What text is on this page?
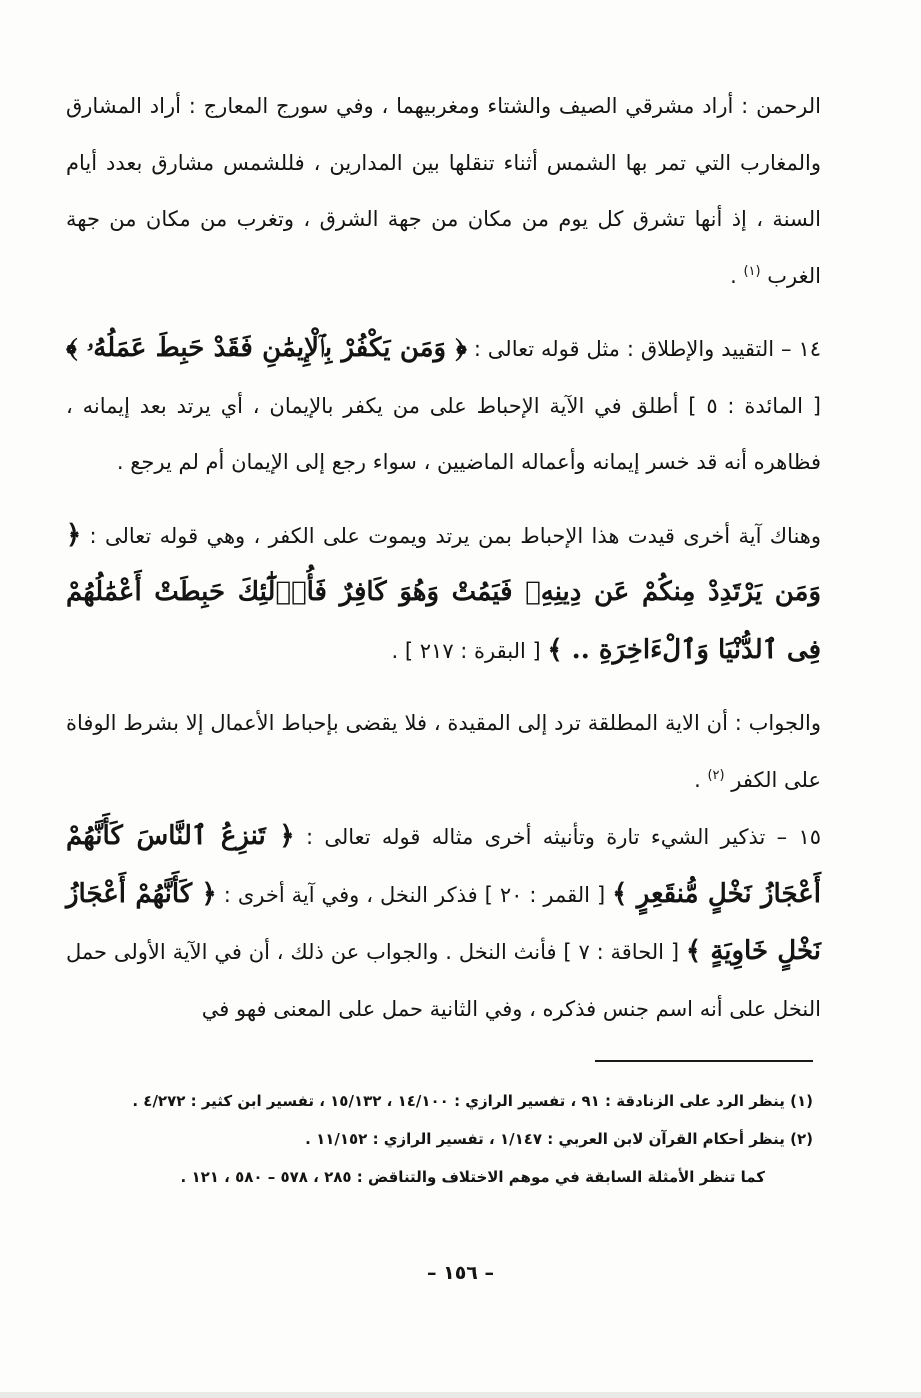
الرحمن : أراد مشرقي الصيف والشتاء ومغربيهما ، وفي سورج المعارج : أراد المشارق والمغارب التي تمر بها الشمس أثناء تنقلها بين المدارين ، فللشمس مشارق بعدد أيام السنة ، إذ أنها تشرق كل يوم من مكان من جهة الشرق ، وتغرب من مكان من جهة الغرب $^{(١)}$ .

١٤ – التقييد والإطلاق : مثل قوله تعالى : ﴿ وَمَن يَكْفُرْ بِٱلْإِيمَٰنِ فَقَدْ حَبِطَ عَمَلُهُۥ ﴾ [ المائدة : ٥ ] أطلق في الآية الإحباط على من يكفر بالإيمان ، أي يرتد بعد إيمانه ، فظاهره أنه قد خسر إيمانه وأعماله الماضيين ، سواء رجع إلى الإيمان أم لم يرجع .

وهناك آية أخرى قيدت هذا الإحباط بمن يرتد ويموت على الكفر ، وهي قوله تعالى : ﴿ وَمَن يَرْتَدِدْ مِنكُمْ عَن دِينِهِۦ فَيَمُتْ وَهُوَ كَافِرٌ فَأُو۟لَٰٓئِكَ حَبِطَتْ أَعْمَٰلُهُمْ فِى ٱلدُّنْيَا وَٱلْءَاخِرَةِ .. ﴾ [ البقرة : ٢١٧ ] .

والجواب : أن الاية المطلقة ترد إلى المقيدة ، فلا يقضى بإحباط الأعمال إلا بشرط الوفاة على الكفر $^{(٢)}$ .

١٥ – تذكير الشيء تارة وتأنيثه أخرى مثاله قوله تعالى : ﴿ تَنزِعُ ٱلنَّاسَ كَأَنَّهُمْ أَعْجَازُ نَخْلٍ مُّنقَعِرٍ ﴾ [ القمر : ٢٠ ] فذكر النخل ، وفي آية أخرى : ﴿ كَأَنَّهُمْ أَعْجَازُ نَخْلٍ خَاوِيَةٍ ﴾ [ الحاقة : ٧ ] فأنث النخل . والجواب عن ذلك ، أن في الآية الأولى حمل النخل على أنه اسم جنس فذكره ، وفي الثانية حمل على المعنى فهو في

(١) ينظر الرد على الزنادقة : ٩١ ، تفسير الرازي : ١٤/١٠٠ ، ١٥/١٣٢ ، تفسير ابن كثير : ٤/٢٧٢ .
(٢) ينظر أحكام القرآن لابن العربي : ١/١٤٧ ، تفسير الرازي : ١١/١٥٢ .
كما تنظر الأمثلة السابقة في موهم الاختلاف والتناقض : ٢٨٥ ، ٥٧٨ – ٥٨٠ ، ١٢١ .
– ١٥٦ –
